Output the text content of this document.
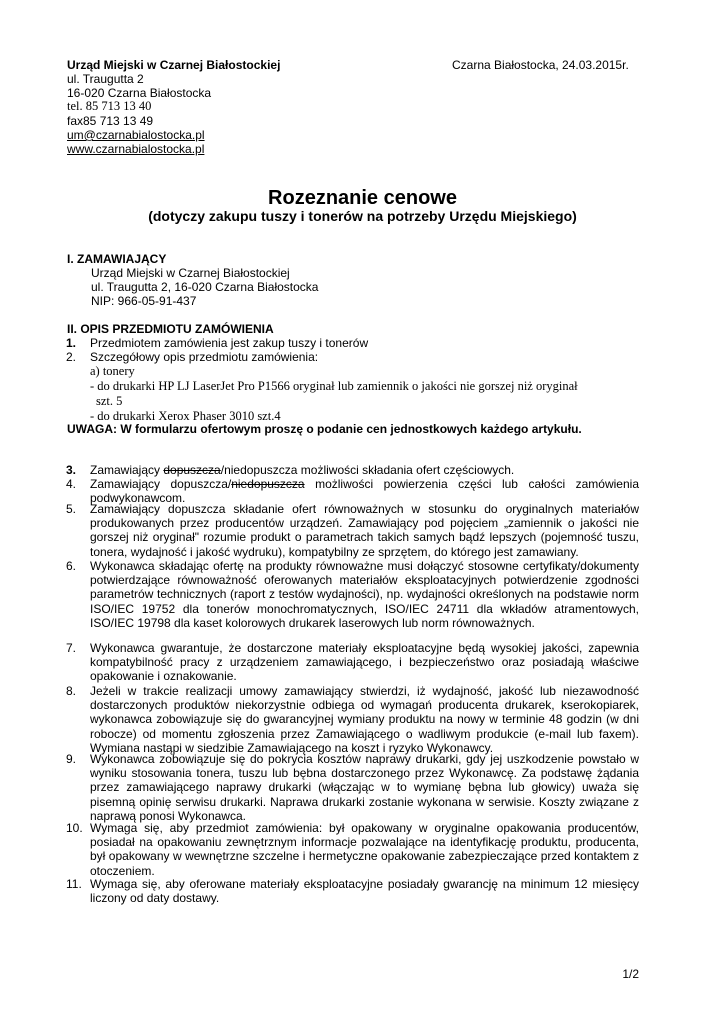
Urząd Miejski w Czarnej Białostockiej	Czarna Białostocka, 24.03.2015r.
ul. Traugutta 2
16-020 Czarna Białostocka
tel. 85 713 13 40
fax85 713 13 49
um@czarnabialostocka.pl
www.czarnabialostocka.pl
Rozeznanie cenowe
(dotyczy zakupu tuszy i tonerów na potrzeby Urzędu Miejskiego)
I. ZAMAWIAJĄCY
Urząd Miejski w Czarnej Białostockiej
ul. Traugutta 2, 16-020 Czarna Białostocka
NIP: 966-05-91-437
II. OPIS PRZEDMIOTU ZAMÓWIENIA
1. Przedmiotem zamówienia jest zakup tuszy i tonerów
2. Szczegółowy opis przedmiotu zamówienia:
a) tonery
- do drukarki HP LJ LaserJet Pro P1566 oryginał lub zamiennik o jakości nie gorszej niż oryginał
szt. 5
- do drukarki Xerox Phaser 3010 szt.4
UWAGA: W formularzu ofertowym proszę o podanie cen jednostkowych każdego artykułu.
3.	Zamawiający dopuszcza/niedopuszcza możliwości składania ofert częściowych.
4.	Zamawiający dopuszcza/niedopuszcza możliwości powierzenia części lub całości zamówienia podwykonawcom.
5.	Zamawiający dopuszcza składanie ofert równoważnych w stosunku do oryginalnych materiałów produkowanych przez producentów urządzeń. Zamawiający pod pojęciem „zamiennik o jakości nie gorszej niż oryginał" rozumie produkt o parametrach takich samych bądź lepszych (pojemność tuszu, tonera, wydajność i jakość wydruku), kompatybilny ze sprzętem, do którego jest zamawiany.
6.	Wykonawca składając ofertę na produkty równoważne musi dołączyć stosowne certyfikaty/dokumenty potwierdzające równoważność oferowanych materiałów eksploatacyjnych potwierdzenie zgodności parametrów technicznych (raport z testów wydajności), np. wydajności określonych na podstawie norm ISO/IEC 19752 dla tonerów monochromatycznych, ISO/IEC 24711 dla wkładów atramentowych, ISO/IEC 19798 dla kaset kolorowych drukarek laserowych lub norm równoważnych.
7.	Wykonawca gwarantuje, że dostarczone materiały eksploatacyjne będą wysokiej jakości, zapewnia kompatybilność pracy z urządzeniem zamawiającego, i bezpieczeństwo oraz posiadają właściwe opakowanie i oznakowanie.
8.	Jeżeli w trakcie realizacji umowy zamawiający stwierdzi, iż wydajność, jakość lub niezawodność dostarczonych produktów niekorzystnie odbiega od wymagań producenta drukarek, kserokopiarek, wykonawca zobowiązuje się do gwarancyjnej wymiany produktu na nowy w terminie 48 godzin (w dni robocze) od momentu zgłoszenia przez Zamawiającego o wadliwym produkcie (e-mail lub faxem). Wymiana nastąpi w siedzibie Zamawiającego na koszt i ryzyko Wykonawcy.
9.	Wykonawca zobowiązuje się do pokrycia kosztów naprawy drukarki, gdy jej uszkodzenie powstało w wyniku stosowania tonera, tuszu lub bębna dostarczonego przez Wykonawcę. Za podstawę żądania przez zamawiającego naprawy drukarki (włączając w to wymianę bębna lub głowicy) uważa się pisemną opinię serwisu drukarki. Naprawa drukarki zostanie wykonana w serwisie. Koszty związane z naprawą ponosi Wykonawca.
10. Wymaga się, aby przedmiot zamówienia: był opakowany w oryginalne opakowania producentów, posiadał na opakowaniu zewnętrznym informacje pozwalające na identyfikację produktu, producenta, był opakowany w wewnętrzne szczelne i hermetyczne opakowanie zabezpieczające przed kontaktem z otoczeniem.
11. Wymaga się, aby oferowane materiały eksploatacyjne posiadały gwarancję na minimum 12 miesięcy liczony od daty dostawy.
1/2
